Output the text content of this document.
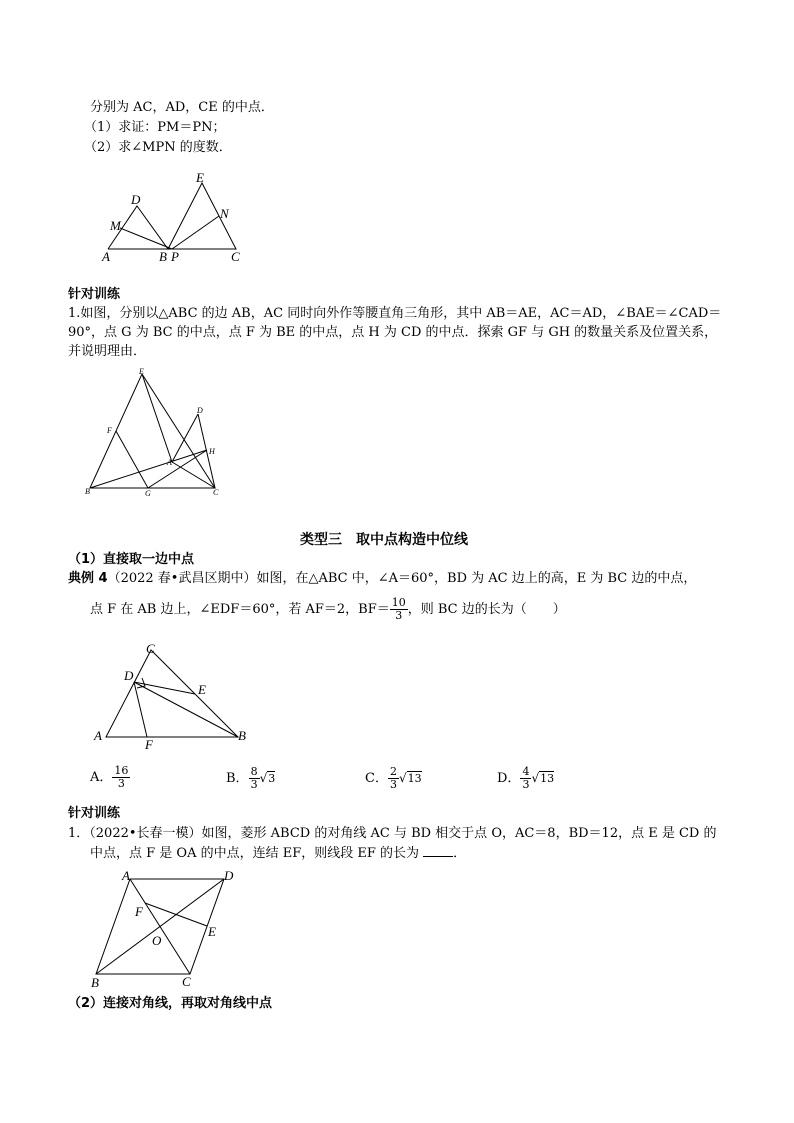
分别为 AC，AD，CE 的中点．
（1）求证：PM＝PN；
（2）求∠MPN 的度数．
D
E
M
N
A	B P	C
针对训练
1.如图，分别以△ABC 的边 AB，AC 同时向外作等腰直角三角形，其中 AB＝AE，AC＝AD，∠BAE＝∠CAD＝
90°，点 G 为 BC 的中点，点 F 为 BE 的中点，点 H 为 CD 的中点．探索 GF 与 GH 的数量关系及位置关系，
并说明理由．
E
D
F
H
A
B	G	C
类型三　取中点构造中位线
（1）直接取一边中点
典例 4（2022 春•武昌区期中）如图，在△ABC 中，∠A＝60°，BD 为 AC 边上的高，E 为 BC 边的中点，
点 F 在 AB 边上，∠EDF＝60°，若 AF＝2，$BF= \frac{10}{3}$ ，则 BC 边的长为（　　）
C
D
E
A
F
B
A． $\frac{16}{3}$	B． $\frac{8}{3} √3$	C． $\frac{2}{3} √13$	D． $\frac{4}{3} √13$
针对训练
1．（2022•长春一模）如图，菱形 ABCD 的对角线 AC 与 BD 相交于点 O，AC＝8，BD＝12，点 E 是 CD 的
中点，点 F 是 OA 的中点，连结 EF，则线段 EF 的长为	．
A	D
F
O
E
B	C
（2）连接对角线，再取对角线中点
